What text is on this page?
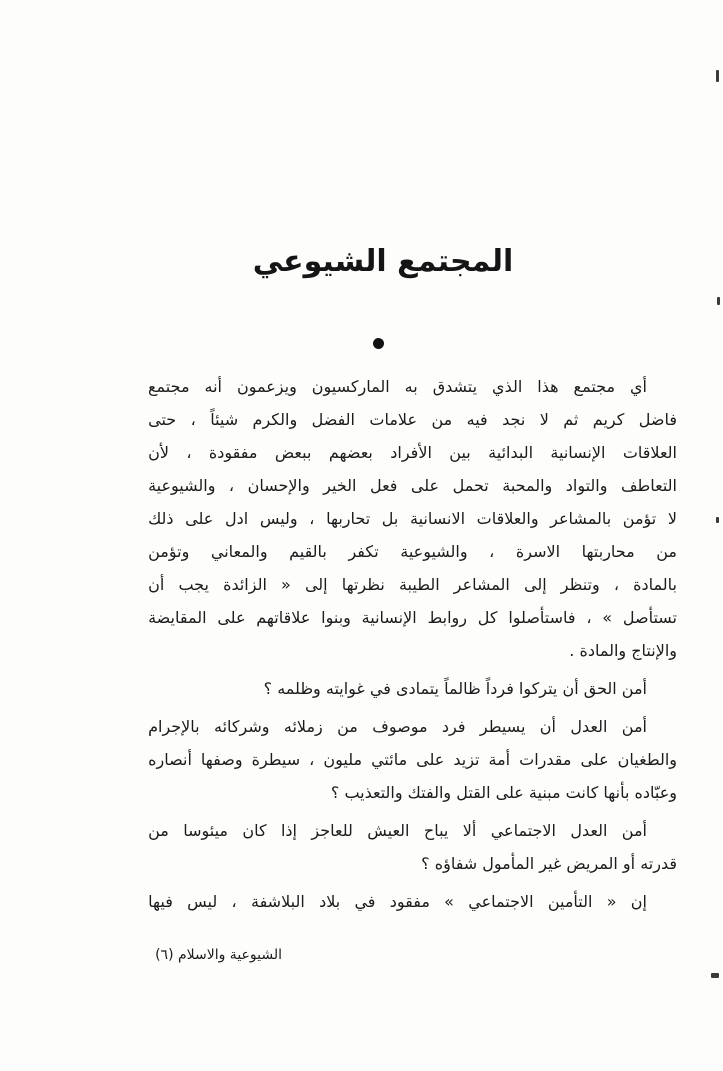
المجتمع الشيوعي
أي
مجتمع
هذا
الذي
يتشدق
به
الماركسيون
ويزعمون
أنه
مجتمع
فاضل
كريم
ثم
لا
نجد
فيه
من
علامات
الفضل
والكرم
شيئاً
،
حتى
العلاقات
الإنسانية
البدائية
بين
الأفراد
بعضهم
ببعض
مفقودة
،
لأن
التعاطف
والتواد
والمحبة
تحمل
على
فعل
الخير
والإحسان
،
والشيوعية
لا
تؤمن
بالمشاعر
والعلاقات
الانسانية
بل
تحاربها
،
وليس
ادل
على
ذلك
من
محاربتها
الاسرة
،
والشيوعية
تكفر
بالقيم
والمعاني
وتؤمن
بالمادة
،
وتنظر
إلى
المشاعر
الطيبة
نظرتها
إلى
«
الزائدة
يجب
أن
تستأصل
»
،
فاستأصلوا
كل
روابط
الإنسانية
وبنوا
علاقاتهم
على
المقايضة
والإنتاج والمادة .
أمن الحق أن يتركوا فرداً ظالماً يتمادى في غوايته وظلمه ؟
أمن
العدل
أن
يسيطر
فرد
موصوف
من
زملائه
وشركائه
بالإجرام
والطغيان
على
مقدرات
أمة
تزيد
على
مائتي
مليون
،
سيطرة
وصفها
أنصاره
وعبّاده بأنها كانت مبنية على القتل والفتك والتعذيب ؟
أمن
العدل
الاجتماعي
ألا
يباح
العيش
للعاجز
إذا
كان
ميئوسا
من
قدرته أو المريض غير المأمول شفاؤه ؟
إن
«
التأمين
الاجتماعي
»
مفقود
في
بلاد
البلاشفة
،
ليس
فيها
الشيوعية والاسلام (٦)
